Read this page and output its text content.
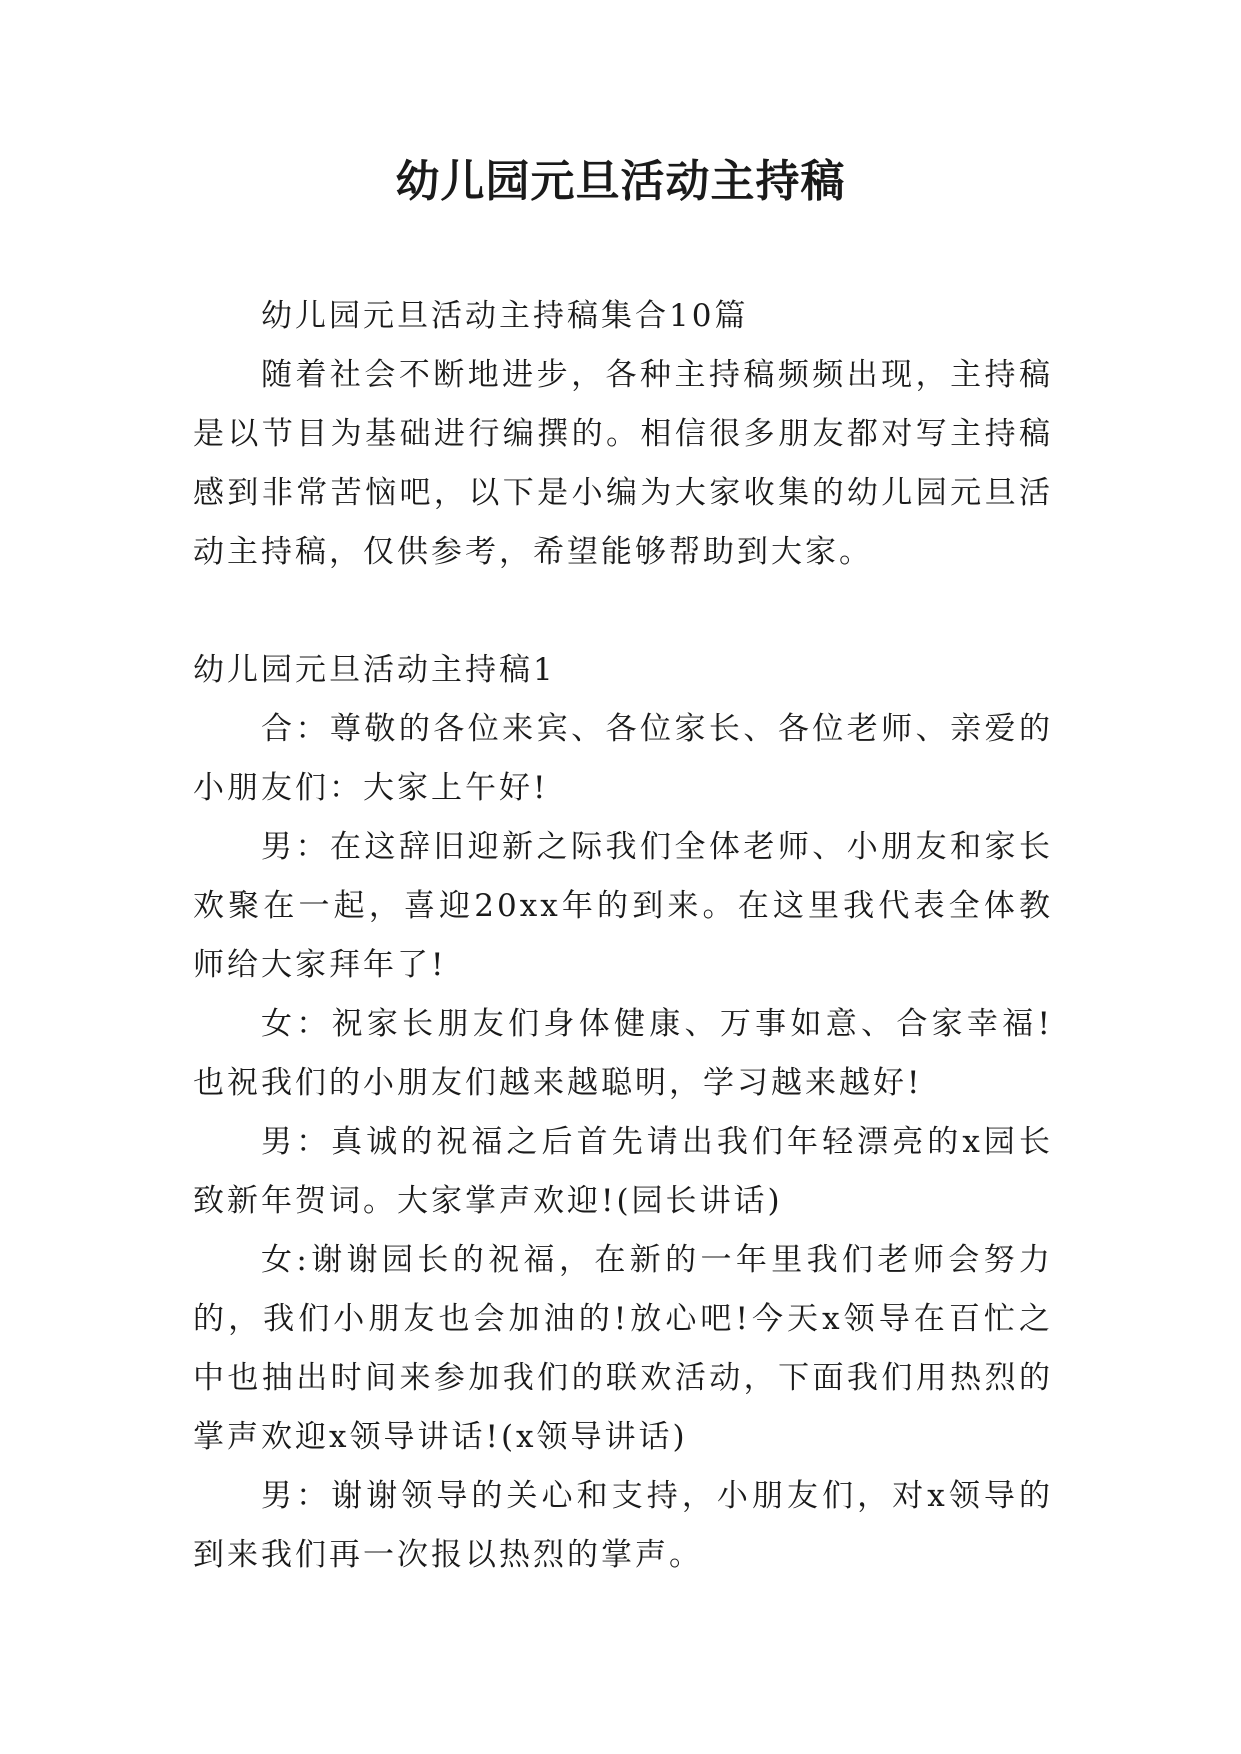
幼儿园元旦活动主持稿

幼儿园元旦活动主持稿集合10篇

随着社会不断地进步，各种主持稿频频出现，主持稿是以节目为基础进行编撰的。相信很多朋友都对写主持稿感到非常苦恼吧，以下是小编为大家收集的幼儿园元旦活动主持稿，仅供参考，希望能够帮助到大家。

幼儿园元旦活动主持稿1

合：尊敬的各位来宾、各位家长、各位老师、亲爱的小朋友们：大家上午好!

男：在这辞旧迎新之际我们全体老师、小朋友和家长欢聚在一起，喜迎20xx年的到来。在这里我代表全体教师给大家拜年了!

女：祝家长朋友们身体健康、万事如意、合家幸福!也祝我们的小朋友们越来越聪明，学习越来越好!

男：真诚的祝福之后首先请出我们年轻漂亮的x园长致新年贺词。大家掌声欢迎!(园长讲话)

女:谢谢园长的祝福，在新的一年里我们老师会努力的，我们小朋友也会加油的!放心吧!今天x领导在百忙之中也抽出时间来参加我们的联欢活动，下面我们用热烈的掌声欢迎x领导讲话!(x领导讲话)

男：谢谢领导的关心和支持，小朋友们，对x领导的到来我们再一次报以热烈的掌声。
